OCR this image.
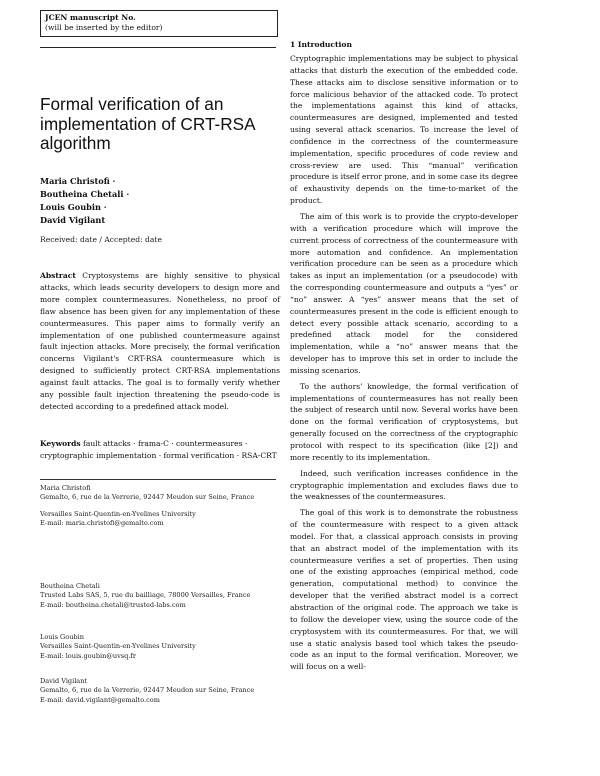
JCEN manuscript No.
(will be inserted by the editor)
Formal verification of an implementation of CRT-RSA algorithm
Maria Christofi ·
Boutheina Chetali ·
Louis Goubin ·
David Vigilant
Received: date / Accepted: date
Abstract Cryptosystems are highly sensitive to physical attacks, which leads security developers to design more and more complex countermeasures. Nonetheless, no proof of flaw absence has been given for any implementation of these countermeasures. This paper aims to formally verify an implementation of one published countermeasure against fault injection attacks. More precisely, the formal verification concerns Vigilant's CRT-RSA countermeasure which is designed to sufficiently protect CRT-RSA implementations against fault attacks. The goal is to formally verify whether any possible fault injection threatening the pseudo-code is detected according to a predefined attack model.
Keywords fault attacks · frama-C · countermeasures · cryptographic implementation · formal verification · RSA-CRT

Maria Christofi

Gemalto, 6, rue de la Verrerie, 92447 Meudon sur Seine, France

Versailles Saint-Quentin-en-Yvelines University

E-mail: maria.christofi@gemalto.com

Boutheina Chetali

Trusted Labs SAS, 5, rue du bailliage, 78000 Versailles, France

E-mail: boutheina.chetali@trusted-labs.com

Louis Goubin

Versailles Saint-Quentin-en-Yvelines University

E-mail: louis.goubin@uvsq.fr

David Vigilant

Gemalto, 6, rue de la Verrerie, 92447 Meudon sur Seine, France

E-mail: david.vigilant@gemalto.com

1 Introduction

Cryptographic implementations may be subject to physical attacks that disturb the execution of the embedded code. These attacks aim to disclose sensitive information or to force malicious behavior of the attacked code. To protect the implementations against this kind of attacks, countermeasures are designed, implemented and tested using several attack scenarios. To increase the level of confidence in the correctness of the countermeasure implementation, specific procedures of code review and cross-review are used. This “manual” verification procedure is itself error prone, and in some case its degree of exhaustivity depends on the time-to-market of the product.

The aim of this work is to provide the crypto-developer with a verification procedure which will improve the current process of correctness of the countermeasure with more automation and confidence. An implementation verification procedure can be seen as a procedure which takes as input an implementation (or a pseudocode) with the corresponding countermeasure and outputs a “yes” or “no” answer. A “yes” answer means that the set of countermeasures present in the code is efficient enough to detect every possible attack scenario, according to a predefined attack model for the considered implementation, while a “no” answer means that the developer has to improve this set in order to include the missing scenarios.

To the authors’ knowledge, the formal verification of implementations of countermeasures has not really been the subject of research until now. Several works have been done on the formal verification of cryptosystems, but generally focused on the correctness of the cryptographic protocol with respect to its specification (like [2]) and more recently to its implementation.

Indeed, such verification increases confidence in the cryptographic implementation and excludes flaws due to the weaknesses of the countermeasures.

The goal of this work is to demonstrate the robustness of the countermeasure with respect to a given attack model. For that, a classical approach consists in proving that an abstract model of the implementation with its countermeasure verifies a set of properties. Then using one of the existing approaches (empirical method, code generation, computational method) to convince the developer that the verified abstract model is a correct abstraction of the original code. The approach we take is to follow the developer view, using the source code of the cryptosystem with its countermeasures. For that, we will use a static analysis based tool which takes the pseudo-code as an input to the formal verification. Moreover, we will focus on a well-
